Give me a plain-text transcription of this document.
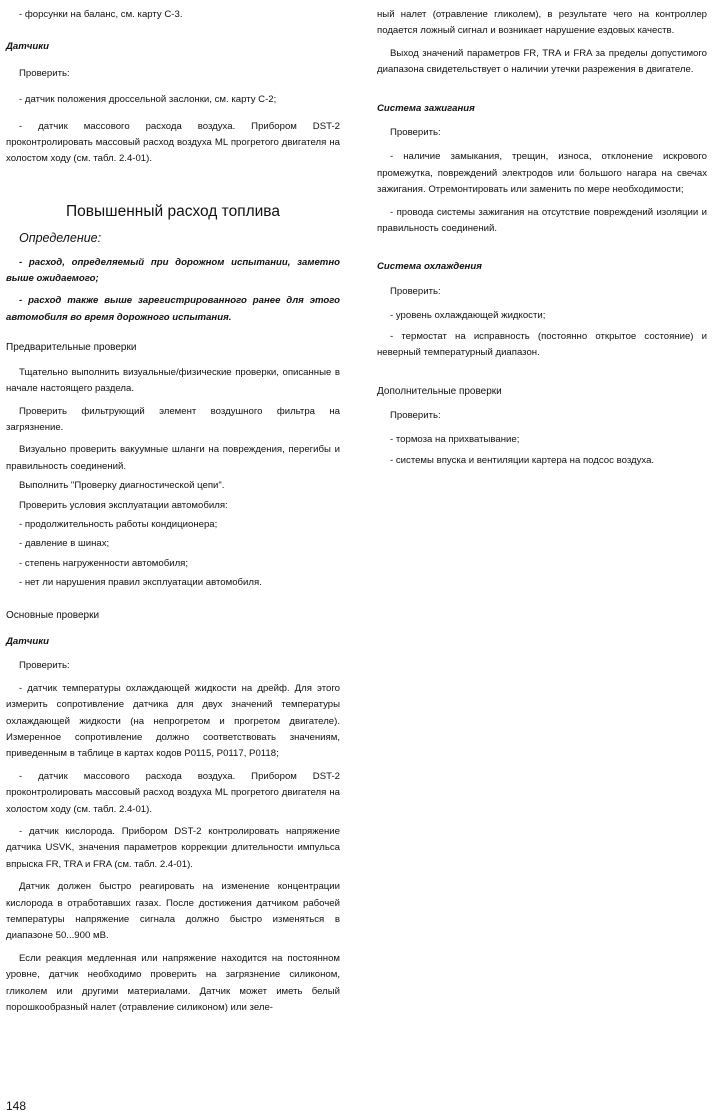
- форсунки на баланс, см. карту С-3.

Датчики

Проверить:

- датчик положения дроссельной заслонки, см. карту С-2;

- датчик массового расхода воздуха. Прибором DST-2 проконтролировать массовый расход воздуха ML прогретого двигателя на холостом ходу (см. табл. 2.4-01).

Повышенный расход топлива

Определение:

- расход, определяемый при дорожном испытании, заметно выше ожидаемого;

- расход также выше зарегистрированного ранее для этого автомобиля во время дорожного испытания.

Предварительные проверки

Тщательно выполнить визуальные/физические проверки, описанные в начале настоящего раздела.

Проверить фильтрующий элемент воздушного фильтра на загрязнение.

Визуально проверить вакуумные шланги на повреждения, перегибы и правильность соединений.

Выполнить "Проверку диагностической цепи".

Проверить условия эксплуатации автомобиля:

- продолжительность работы кондиционера;

- давление в шинах;

- степень нагруженности автомобиля;

- нет ли нарушения правил эксплуатации автомобиля.

Основные проверки

Датчики

Проверить:

- датчик температуры охлаждающей жидкости на дрейф. Для этого измерить сопротивление датчика для двух значений температуры охлаждающей жидкости (на непрогретом и прогретом двигателе). Измеренное сопротивление должно соответствовать значениям, приведенным в таблице в картах кодов Р0115, Р0117, Р0118;

- датчик массового расхода воздуха. Прибором DST-2 проконтролировать массовый расход воздуха ML прогретого двигателя на холостом ходу (см. табл. 2.4-01).

- датчик кислорода. Прибором DST-2 контролировать напряжение датчика USVK, значения параметров коррекции длительности импульса впрыска FR, TRA и FRA (см. табл. 2.4-01).

Датчик должен быстро реагировать на изменение концентрации кислорода в отработавших газах. После достижения датчиком рабочей температуры напряжение сигнала должно быстро изменяться в диапазоне 50...900 мВ.

Если реакция медленная или напряжение находится на постоянном уровне, датчик необходимо проверить на загрязнение силиконом, гликолем или другими материалами. Датчик может иметь белый порошкообразный налет (отравление силиконом) или зеле-

ный налет (отравление гликолем), в результате чего на контроллер подается ложный сигнал и возникает нарушение ездовых качеств.

Выход значений параметров FR, TRA и FRA за пределы допустимого диапазона свидетельствует о наличии утечки разрежения в двигателе.

Система зажигания

Проверить:

- наличие замыкания, трещин, износа, отклонение искрового промежутка, повреждений электродов или большого нагара на свечах зажигания. Отремонтировать или заменить по мере необходимости;

- провода системы зажигания на отсутствие повреждений изоляции и правильность соединений.

Система охлаждения

Проверить:

- уровень охлаждающей жидкости;

- термостат на исправность (постоянно открытое состояние) и неверный температурный диапазон.

Дополнительные проверки

Проверить:

- тормоза на прихватывание;

- системы впуска и вентиляции картера на подсос воздуха.

148
